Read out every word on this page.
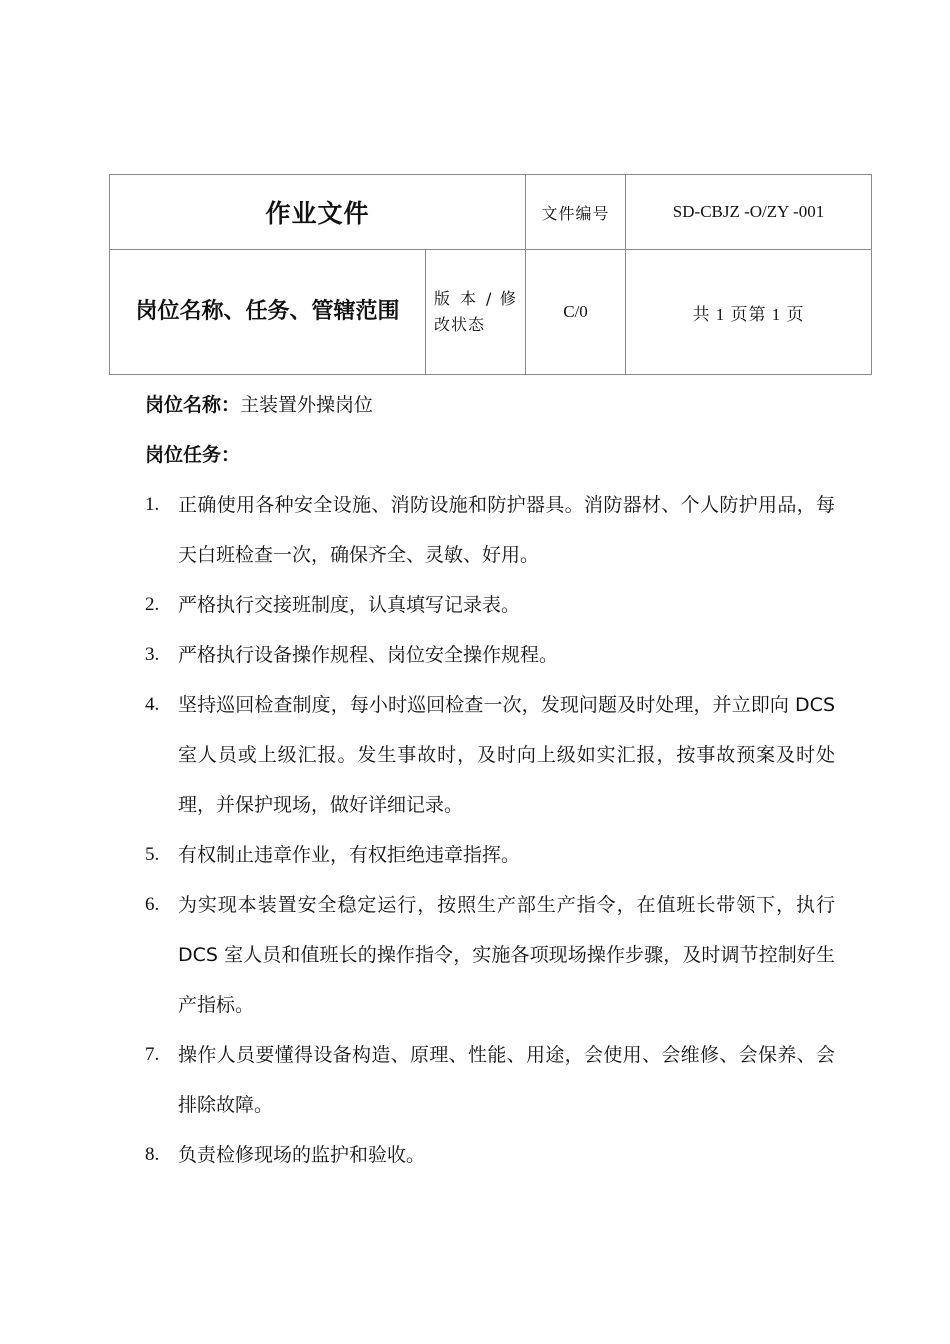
作业文件		文件编号	SD-CBJZ -O/ZY -001

岗位名称、任务、管辖范围	版 本 / 修 改状态	C/0	共 1 页第 1 页
岗位名称：主装置外操岗位
岗位任务：
1. 正确使用各种安全设施、消防设施和防护器具。消防器材、个人防护用品，每天白班检查一次，确保齐全、灵敏、好用。
2. 严格执行交接班制度，认真填写记录表。
3. 严格执行设备操作规程、岗位安全操作规程。
4. 坚持巡回检查制度，每小时巡回检查一次，发现问题及时处理，并立即向 DCS 室人员或上级汇报。发生事故时，及时向上级如实汇报，按事故预案及时处理，并保护现场，做好详细记录。
5. 有权制止违章作业，有权拒绝违章指挥。
6. 为实现本装置安全稳定运行，按照生产部生产指令，在值班长带领下，执行 DCS 室人员和值班长的操作指令，实施各项现场操作步骤，及时调节控制好生产指标。
7. 操作人员要懂得设备构造、原理、性能、用途，会使用、会维修、会保养、会排除故障。
8. 负责检修现场的监护和验收。
